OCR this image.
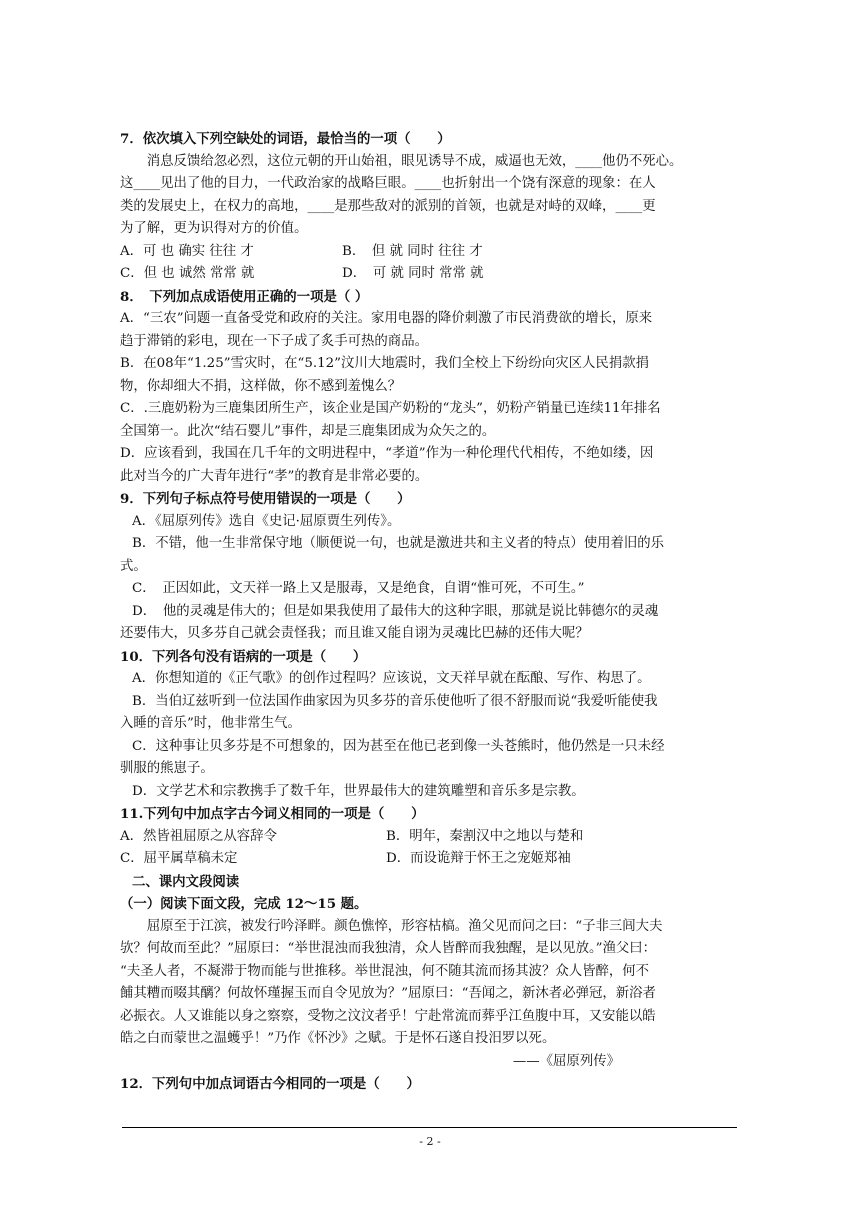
7．依次填入下列空缺处的词语，最恰当的一项（　　）
　　消息反馈给忽必烈，这位元朝的开山始祖，眼见诱导不成，威逼也无效，____他仍不死心。
这____见出了他的目力，一代政治家的战略巨眼。____也折射出一个饶有深意的现象：在人
类的发展史上，在权力的高地，____是那些敌对的派别的首领，也就是对峙的双峰，____更
为了解，更为识得对方的价值。
A．可 也 确实 往往 才	B．　但 就 同时 往往 才
C．但 也 诚然 常常 就	D．　可 就 同时 常常 就
8．　下列加点成语使用正确的一项是（ ）
A．“三农”问题一直备受党和政府的关注。家用电器的降价刺激了市民消费欲的增长，原来
趋于滞销的彩电，现在一下子成了炙手可热的商品。
B．在08年“1.25”雪灾时，在“5.12”汶川大地震时，我们全校上下纷纷向灾区人民捐款捐
物，你却细大不捐，这样做，你不感到羞愧么？
C．.三鹿奶粉为三鹿集团所生产，该企业是国产奶粉的“龙头”，奶粉产销量已连续11年排名
全国第一。此次“结石婴儿”事件，却是三鹿集团成为众矢之的。
D．应该看到，我国在几千年的文明进程中，“孝道”作为一种伦理代代相传，不绝如缕，因
此对当今的广大青年进行“孝”的教育是非常必要的。
9．下列句子标点符号使用错误的一项是（　　）
A．《屈原列传》选自《史记·屈原贾生列传》。
B．不错，他一生非常保守地（顺便说一句，也就是激进共和主义者的特点）使用着旧的乐
式。
C．　正因如此，文天祥一路上又是服毒，又是绝食，自谓“惟可死，不可生。”
D．　他的灵魂是伟大的；但是如果我使用了最伟大的这种字眼，那就是说比韩德尔的灵魂
还要伟大，贝多芬自己就会责怪我；而且谁又能自诩为灵魂比巴赫的还伟大呢？
10．下列各句没有语病的一项是（　　）
A．你想知道的《正气歌》的创作过程吗？应该说，文天祥早就在酝酿、写作、构思了。
B．当伯辽兹听到一位法国作曲家因为贝多芬的音乐使他听了很不舒服而说“我爱听能使我
入睡的音乐”时，他非常生气。
C．这种事让贝多芬是不可想象的，因为甚至在他已老到像一头苍熊时，他仍然是一只未经
驯服的熊崽子。
D．文学艺术和宗教携手了数千年，世界最伟大的建筑雕塑和音乐多是宗教。
11.下列句中加点字古今词义相同的一项是（　　）
A．然皆祖屈原之从容辞令	B．明年，秦割汉中之地以与楚和
C．屈平属草稿未定	D．而设诡辩于怀王之宠姬郑袖
二、课内文段阅读
（一）阅读下面文段，完成 12～15 题。
　　屈原至于江滨，被发行吟泽畔。颜色憔悴，形容枯槁。渔父见而问之曰：“子非三闾大夫
欤？何故而至此？”屈原曰：“举世混浊而我独清，众人皆醉而我独醒，是以见放。”渔父曰：
“夫圣人者，不凝滞于物而能与世推移。举世混浊，何不随其流而扬其波？众人皆醉，何不
餔其糟而啜其醨？何故怀瑾握玉而自令见放为？”屈原曰：“吾闻之，新沐者必弹冠，新浴者
必振衣。人又谁能以身之察察，受物之汶汶者乎！宁赴常流而葬乎江鱼腹中耳，又安能以皓
皓之白而蒙世之温蠖乎！”乃作《怀沙》之赋。于是怀石遂自投汨罗以死。
——《屈原列传》
12．下列句中加点词语古今相同的一项是（　　）
- 2 -
